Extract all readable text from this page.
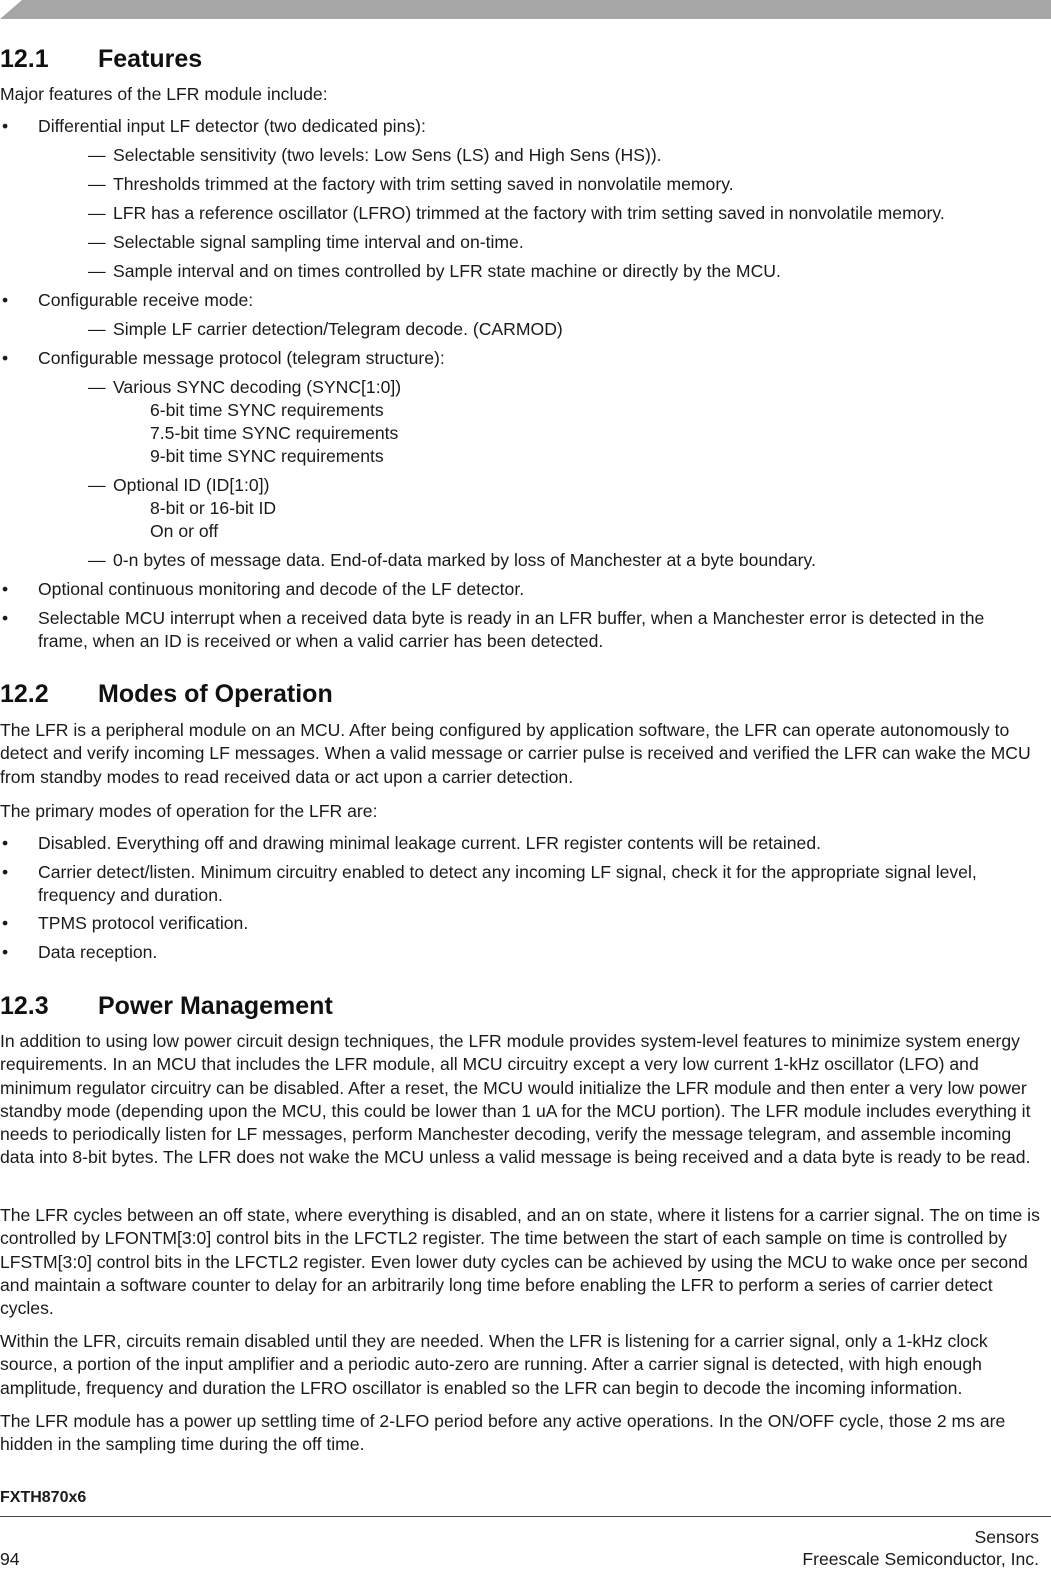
12.1 Features
Major features of the LFR module include:
• Differential input LF detector (two dedicated pins):
— Selectable sensitivity (two levels: Low Sens (LS) and High Sens (HS)).
— Thresholds trimmed at the factory with trim setting saved in nonvolatile memory.
— LFR has a reference oscillator (LFRO) trimmed at the factory with trim setting saved in nonvolatile memory.
— Selectable signal sampling time interval and on-time.
— Sample interval and on times controlled by LFR state machine or directly by the MCU.
• Configurable receive mode:
— Simple LF carrier detection/Telegram decode. (CARMOD)
• Configurable message protocol (telegram structure):
— Various SYNC decoding (SYNC[1:0])
6-bit time SYNC requirements
7.5-bit time SYNC requirements
9-bit time SYNC requirements
— Optional ID (ID[1:0])
8-bit or 16-bit ID
On or off
— 0-n bytes of message data. End-of-data marked by loss of Manchester at a byte boundary.
• Optional continuous monitoring and decode of the LF detector.
• Selectable MCU interrupt when a received data byte is ready in an LFR buffer, when a Manchester error is detected in the
frame, when an ID is received or when a valid carrier has been detected.
12.2 Modes of Operation
The LFR is a peripheral module on an MCU. After being configured by application software, the LFR can operate autonomously to detect and verify incoming LF messages. When a valid message or carrier pulse is received and verified the LFR can wake the MCU from standby modes to read received data or act upon a carrier detection.
The primary modes of operation for the LFR are:
• Disabled. Everything off and drawing minimal leakage current. LFR register contents will be retained.
• Carrier detect/listen. Minimum circuitry enabled to detect any incoming LF signal, check it for the appropriate signal level,
frequency and duration.
• TPMS protocol verification.
• Data reception.
12.3 Power Management
In addition to using low power circuit design techniques, the LFR module provides system-level features to minimize system energy requirements. In an MCU that includes the LFR module, all MCU circuitry except a very low current 1-kHz oscillator (LFO) and minimum regulator circuitry can be disabled. After a reset, the MCU would initialize the LFR module and then enter a very low power standby mode (depending upon the MCU, this could be lower than 1 uA for the MCU portion). The LFR module includes everything it needs to periodically listen for LF messages, perform Manchester decoding, verify the message telegram, and assemble incoming data into 8-bit bytes. The LFR does not wake the MCU unless a valid message is being received and a data byte is ready to be read.
The LFR cycles between an off state, where everything is disabled, and an on state, where it listens for a carrier signal. The on time is controlled by LFONTM[3:0] control bits in the LFCTL2 register. The time between the start of each sample on time is controlled by LFSTM[3:0] control bits in the LFCTL2 register. Even lower duty cycles can be achieved by using the MCU to wake once per second and maintain a software counter to delay for an arbitrarily long time before enabling the LFR to perform a series of carrier detect cycles.
Within the LFR, circuits remain disabled until they are needed. When the LFR is listening for a carrier signal, only a 1-kHz clock source, a portion of the input amplifier and a periodic auto-zero are running. After a carrier signal is detected, with high enough amplitude, frequency and duration the LFRO oscillator is enabled so the LFR can begin to decode the incoming information.
The LFR module has a power up settling time of 2-LFO period before any active operations. In the ON/OFF cycle, those 2 ms are hidden in the sampling time during the off time.
FXTH870x6
Sensors
94	Freescale Semiconductor, Inc.
